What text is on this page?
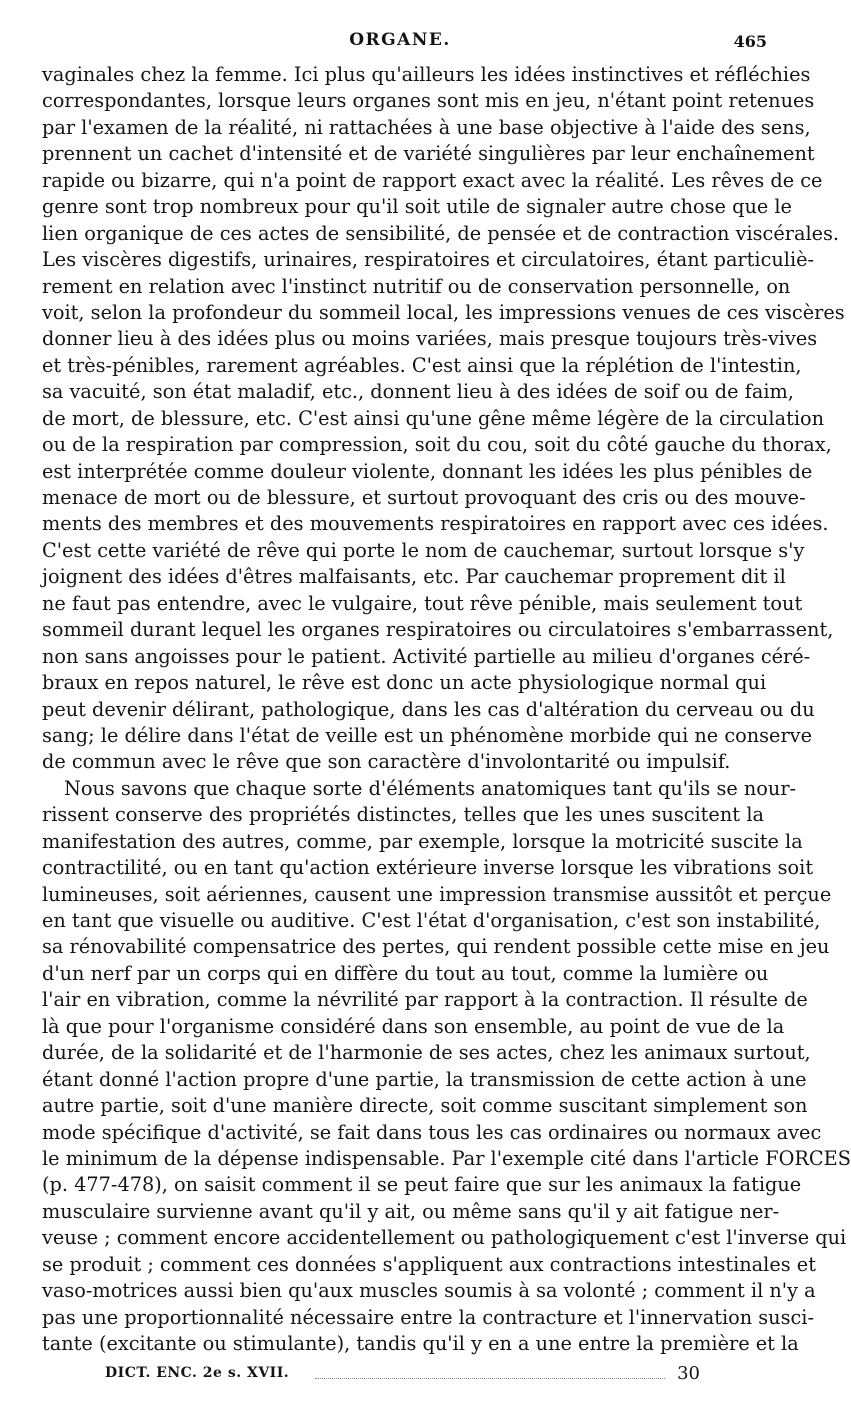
ORGANE.	465
vaginales chez la femme. Ici plus qu'ailleurs les idées instinctives et réfléchies
correspondantes, lorsque leurs organes sont mis en jeu, n'étant point retenues
par l'examen de la réalité, ni rattachées à une base objective à l'aide des sens,
prennent un cachet d'intensité et de variété singulières par leur enchaînement
rapide ou bizarre, qui n'a point de rapport exact avec la réalité. Les rêves de ce
genre sont trop nombreux pour qu'il soit utile de signaler autre chose que le
lien organique de ces actes de sensibilité, de pensée et de contraction viscérales.
Les viscères digestifs, urinaires, respiratoires et circulatoires, étant particuliè-
rement en relation avec l'instinct nutritif ou de conservation personnelle, on
voit, selon la profondeur du sommeil local, les impressions venues de ces viscères
donner lieu à des idées plus ou moins variées, mais presque toujours très-vives
et très-pénibles, rarement agréables. C'est ainsi que la réplétion de l'intestin,
sa vacuité, son état maladif, etc., donnent lieu à des idées de soif ou de faim,
de mort, de blessure, etc. C'est ainsi qu'une gêne même légère de la circulation
ou de la respiration par compression, soit du cou, soit du côté gauche du thorax,
est interprétée comme douleur violente, donnant les idées les plus pénibles de
menace de mort ou de blessure, et surtout provoquant des cris ou des mouve-
ments des membres et des mouvements respiratoires en rapport avec ces idées.
C'est cette variété de rêve qui porte le nom de cauchemar, surtout lorsque s'y
joignent des idées d'êtres malfaisants, etc. Par cauchemar proprement dit il
ne faut pas entendre, avec le vulgaire, tout rêve pénible, mais seulement tout
sommeil durant lequel les organes respiratoires ou circulatoires s'embarrassent,
non sans angoisses pour le patient. Activité partielle au milieu d'organes céré-
braux en repos naturel, le rêve est donc un acte physiologique normal qui
peut devenir délirant, pathologique, dans les cas d'altération du cerveau ou du
sang; le délire dans l'état de veille est un phénomène morbide qui ne conserve
de commun avec le rêve que son caractère d'involontarité ou impulsif.
Nous savons que chaque sorte d'éléments anatomiques tant qu'ils se nour-
rissent conserve des propriétés distinctes, telles que les unes suscitent la
manifestation des autres, comme, par exemple, lorsque la motricité suscite la
contractilité, ou en tant qu'action extérieure inverse lorsque les vibrations soit
lumineuses, soit aériennes, causent une impression transmise aussitôt et perçue
en tant que visuelle ou auditive. C'est l'état d'organisation, c'est son instabilité,
sa rénovabilité compensatrice des pertes, qui rendent possible cette mise en jeu
d'un nerf par un corps qui en diffère du tout au tout, comme la lumière ou
l'air en vibration, comme la névrilité par rapport à la contraction. Il résulte de
là que pour l'organisme considéré dans son ensemble, au point de vue de la
durée, de la solidarité et de l'harmonie de ses actes, chez les animaux surtout,
étant donné l'action propre d'une partie, la transmission de cette action à une
autre partie, soit d'une manière directe, soit comme suscitant simplement son
mode spécifique d'activité, se fait dans tous les cas ordinaires ou normaux avec
le minimum de la dépense indispensable. Par l'exemple cité dans l'article FORCES
(p. 477-478), on saisit comment il se peut faire que sur les animaux la fatigue
musculaire survienne avant qu'il y ait, ou même sans qu'il y ait fatigue ner-
veuse ; comment encore accidentellement ou pathologiquement c'est l'inverse qui
se produit ; comment ces données s'appliquent aux contractions intestinales et
vaso-motrices aussi bien qu'aux muscles soumis à sa volonté ; comment il n'y a
pas une proportionnalité nécessaire entre la contracture et l'innervation susci-
tante (excitante ou stimulante), tandis qu'il y en a une entre la première et la
DICT. ENC. 2e s. XVII.	30
